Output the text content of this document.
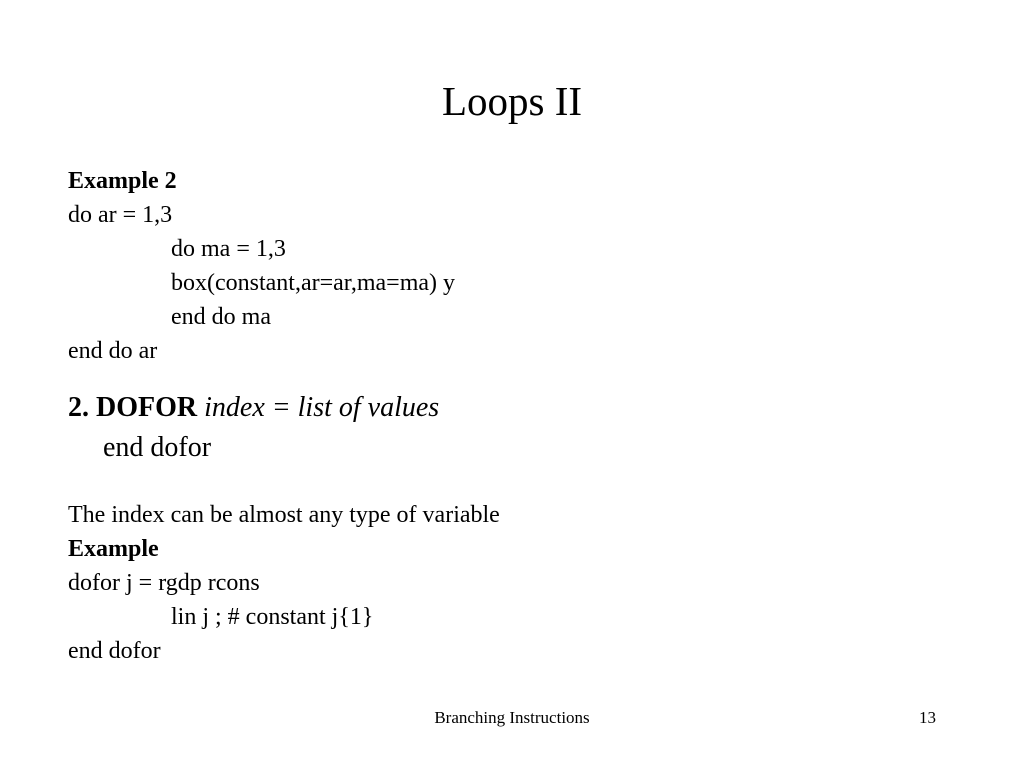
Loops II
Example 2
do ar = 1,3
do ma = 1,3
box(constant,ar=ar,ma=ma) y
end do ma
end do ar
2. DOFOR index = list of values
end dofor
The index can be almost any type of variable
Example
dofor j = rgdp rcons
lin j ; # constant j{1}
end dofor
Branching Instructions	13
